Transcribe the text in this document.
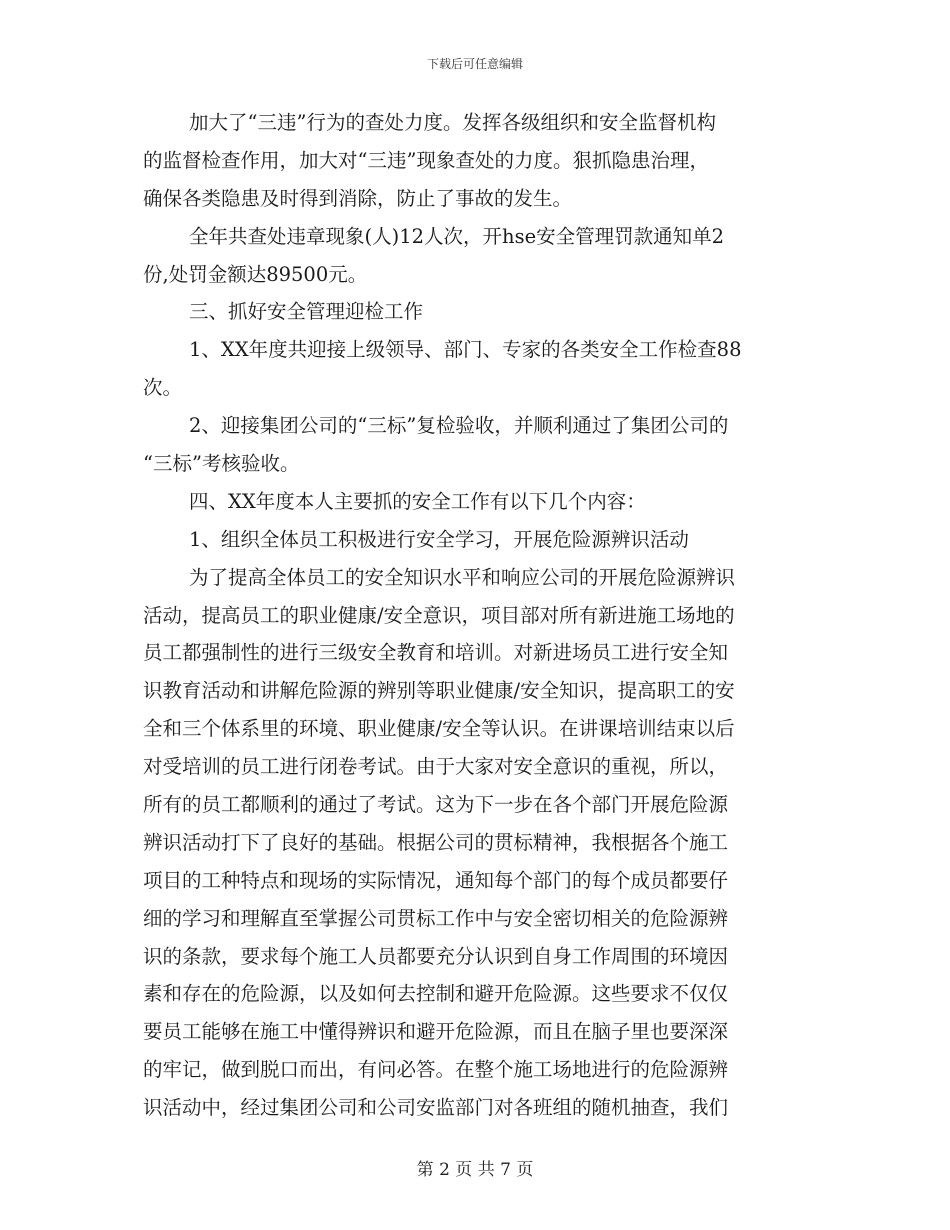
下载后可任意编辑
加大了“三违”行为的查处力度。发挥各级组织和安全监督机构
的监督检查作用，加大对“三违”现象查处的力度。狠抓隐患治理，
确保各类隐患及时得到消除，防止了事故的发生。
全年共查处违章现象(人)12人次，开hse安全管理罚款通知单2
份,处罚金额达89500元。
三、抓好安全管理迎检工作
1、XX年度共迎接上级领导、部门、专家的各类安全工作检查88
次。
2、迎接集团公司的“三标”复检验收，并顺利通过了集团公司的
“三标”考核验收。
四、XX年度本人主要抓的安全工作有以下几个内容：
1、组织全体员工积极进行安全学习，开展危险源辨识活动
为了提高全体员工的安全知识水平和响应公司的开展危险源辨识
活动，提高员工的职业健康/安全意识，项目部对所有新进施工场地的
员工都强制性的进行三级安全教育和培训。对新进场员工进行安全知
识教育活动和讲解危险源的辨别等职业健康/安全知识，提高职工的安
全和三个体系里的环境、职业健康/安全等认识。在讲课培训结束以后
对受培训的员工进行闭卷考试。由于大家对安全意识的重视，所以，
所有的员工都顺利的通过了考试。这为下一步在各个部门开展危险源
辨识活动打下了良好的基础。根据公司的贯标精神，我根据各个施工
项目的工种特点和现场的实际情况，通知每个部门的每个成员都要仔
细的学习和理解直至掌握公司贯标工作中与安全密切相关的危险源辨
识的条款，要求每个施工人员都要充分认识到自身工作周围的环境因
素和存在的危险源，以及如何去控制和避开危险源。这些要求不仅仅
要员工能够在施工中懂得辨识和避开危险源，而且在脑子里也要深深
的牢记，做到脱口而出，有问必答。在整个施工场地进行的危险源辨
识活动中，经过集团公司和公司安监部门对各班组的随机抽查，我们
第 2 页 共 7 页
